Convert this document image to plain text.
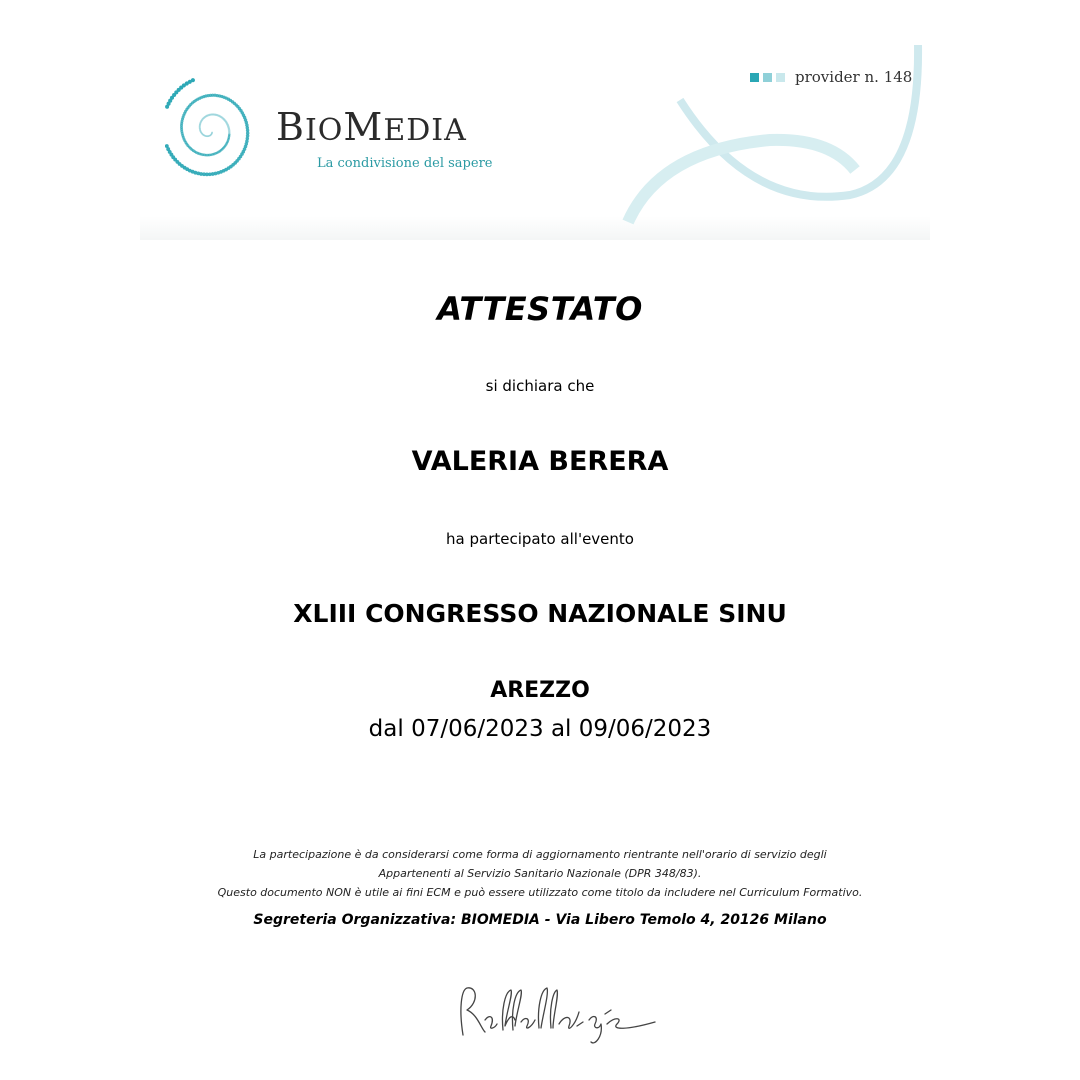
BIOMEDIA
La condivisione del sapere
provider n. 148
ATTESTATO
si dichiara che
VALERIA BERERA
ha partecipato all'evento
XLIII CONGRESSO NAZIONALE SINU
AREZZO
dal 07/06/2023 al 09/06/2023
La partecipazione è da considerarsi come forma di aggiornamento rientrante nell'orario di servizio degli
Appartenenti al Servizio Sanitario Nazionale (DPR 348/83).
Questo documento NON è utile ai fini ECM e può essere utilizzato come titolo da includere nel Curriculum Formativo.
Segreteria Organizzativa: BIOMEDIA - Via Libero Temolo 4, 20126 Milano
